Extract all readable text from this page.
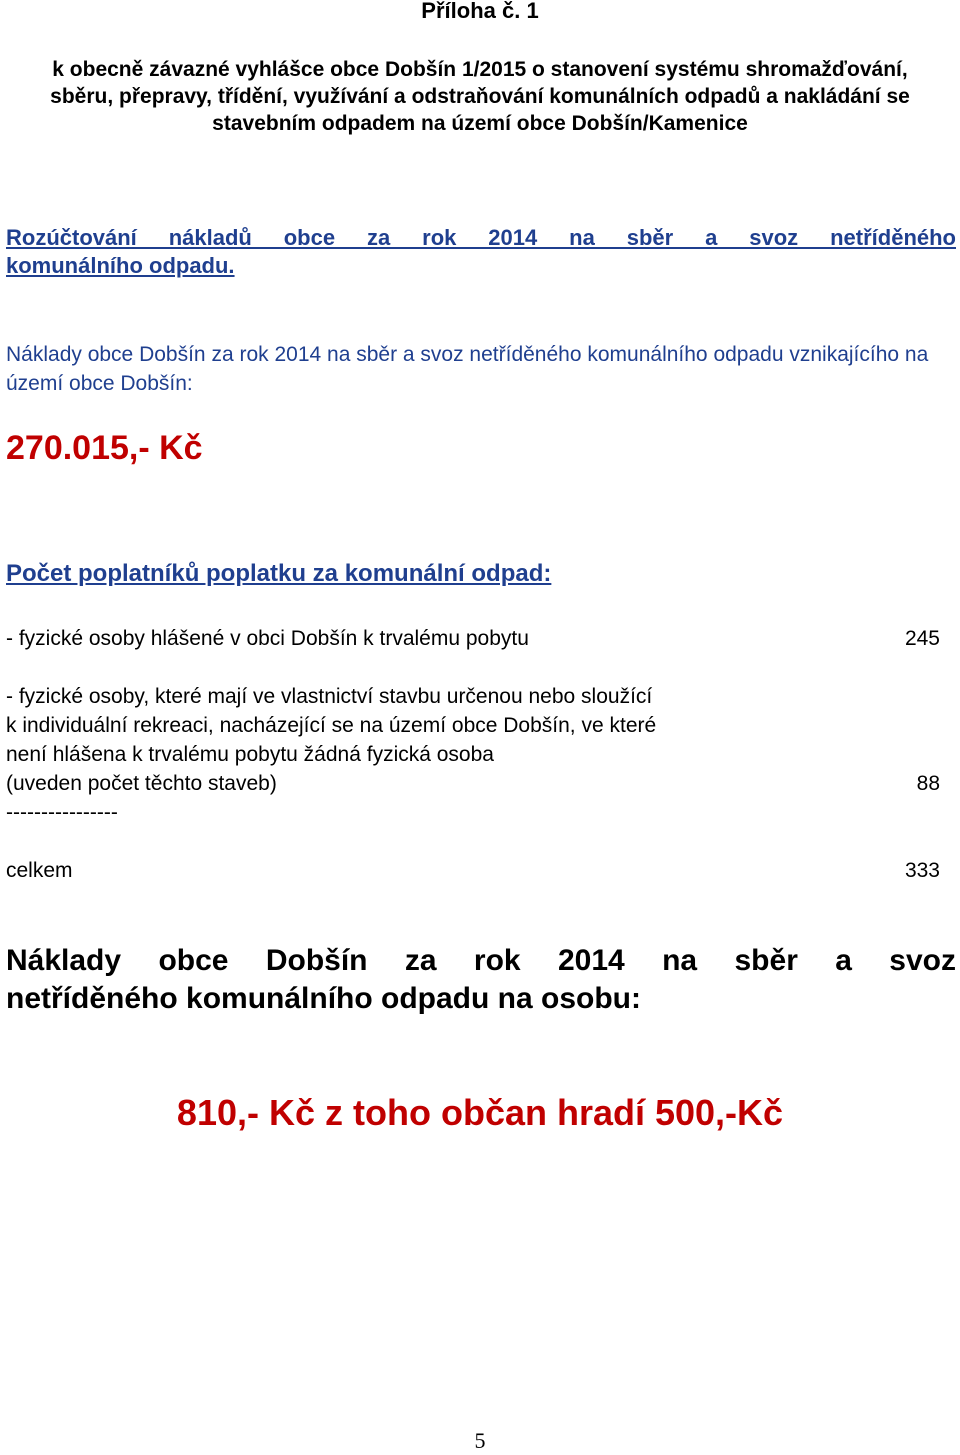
Příloha č. 1
k obecně závazné vyhlášce obce Dobšín 1/2015 o stanovení systému shromažďování, sběru, přepravy, třídění, využívání a odstraňování komunálních odpadů a nakládání se stavebním odpadem na území obce Dobšín/Kamenice
Rozúčtování nákladů obce za rok 2014 na sběr a svoz netříděného
komunálního odpadu.
Náklady obce Dobšín za rok 2014 na sběr a svoz netříděného komunálního odpadu vznikajícího na území obce Dobšín:
270.015,- Kč
Počet poplatníků poplatku za komunální odpad:
- fyzické osoby hlášené v obci Dobšín k trvalému pobytu	245
- fyzické osoby, které mají ve vlastnictví stavbu určenou nebo sloužící
k individuální rekreaci, nacházející se na území obce Dobšín, ve které
není hlášena k trvalému pobytu žádná fyzická osoba
(uveden počet těchto staveb)	88
----------------
celkem	333
Náklady obce Dobšín za rok 2014 na sběr a svoz
netříděného komunálního odpadu na osobu:
810,- Kč z toho občan hradí 500,-Kč
5
